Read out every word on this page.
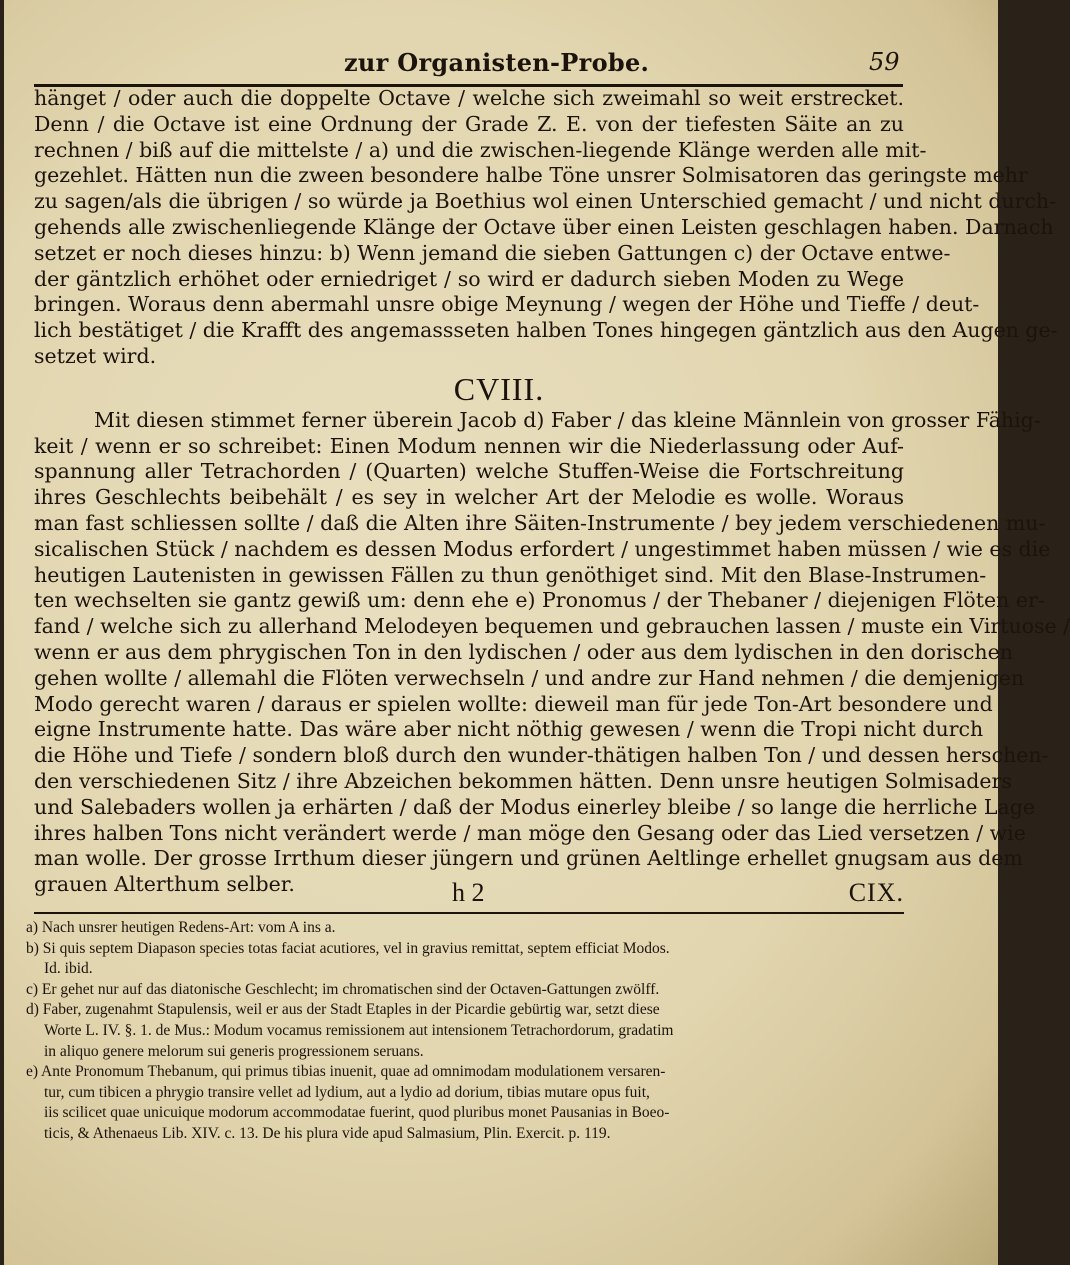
zur Organisten-Probe.	59
hänget / oder auch die doppelte Octave / welche sich zweimahl so weit erstrecket.
Denn / die Octave ist eine Ordnung der Grade Z. E. von der tiefesten Säite an zu
rechnen / biß auf die mittelste / a) und die zwischen-liegende Klänge werden alle mit-
gezehlet. Hätten nun die zween besondere halbe Töne unsrer Solmisatoren das geringste mehr
zu sagen/als die übrigen / so würde ja Boethius wol einen Unterschied gemacht / und nicht durch-
gehends alle zwischenliegende Klänge der Octave über einen Leisten geschlagen haben. Darnach
setzet er noch dieses hinzu: b) Wenn jemand die sieben Gattungen c) der Octave entwe-
der gäntzlich erhöhet oder erniedriget / so wird er dadurch sieben Moden zu Wege
bringen. Woraus denn abermahl unsre obige Meynung / wegen der Höhe und Tieffe / deut-
lich bestätiget / die Krafft des angemassseten halben Tones hingegen gäntzlich aus den Augen ge-
setzet wird.
CVIII.
Mit diesen stimmet ferner überein Jacob d) Faber / das kleine Männlein von grosser Fähig-
keit / wenn er so schreibet: Einen Modum nennen wir die Niederlassung oder Auf-
spannung aller Tetrachorden / (Quarten) welche Stuffen-Weise die Fortschreitung
ihres Geschlechts beibehält / es sey in welcher Art der Melodie es wolle. Woraus
man fast schliessen sollte / daß die Alten ihre Säiten-Instrumente / bey jedem verschiedenen mu-
sicalischen Stück / nachdem es dessen Modus erfordert / ungestimmet haben müssen / wie es die
heutigen Lautenisten in gewissen Fällen zu thun genöthiget sind. Mit den Blase-Instrumen-
ten wechselten sie gantz gewiß um: denn ehe e) Pronomus / der Thebaner / diejenigen Flöten er-
fand / welche sich zu allerhand Melodeyen bequemen und gebrauchen lassen / muste ein Virtuose /
wenn er aus dem phrygischen Ton in den lydischen / oder aus dem lydischen in den dorischen
gehen wollte / allemahl die Flöten verwechseln / und andre zur Hand nehmen / die demjenigen
Modo gerecht waren / daraus er spielen wollte: dieweil man für jede Ton-Art besondere und
eigne Instrumente hatte. Das wäre aber nicht nöthig gewesen / wenn die Tropi nicht durch
die Höhe und Tiefe / sondern bloß durch den wunder-thätigen halben Ton / und dessen herschen-
den verschiedenen Sitz / ihre Abzeichen bekommen hätten. Denn unsre heutigen Solmisaders
und Salebaders wollen ja erhärten / daß der Modus einerley bleibe / so lange die herrliche Lage
ihres halben Tons nicht verändert werde / man möge den Gesang oder das Lied versetzen / wie
man wolle. Der grosse Irrthum dieser jüngern und grünen Aeltlinge erhellet gnugsam aus dem
grauen Alterthum selber.	h 2	CIX.
a) Nach unsrer heutigen Redens-Art: vom A ins a.
b) Si quis septem Diapason species totas faciat acutiores, vel in gravius remittat, septem efficiat Modos.
Id. ibid.
c) Er gehet nur auf das diatonische Geschlecht; im chromatischen sind der Octaven-Gattungen zwölff.
d) Faber, zugenahmt Stapulensis, weil er aus der Stadt Etaples in der Picardie gebürtig war, setzt diese
Worte L. IV. §. 1. de Mus.: Modum vocamus remissionem aut intensionem Tetrachordorum, gradatim
in aliquo genere melorum sui generis progressionem seruans.
e) Ante Pronomum Thebanum, qui primus tibias inuenit, quae ad omnimodam modulationem versaren-
tur, cum tibicen a phrygio transire vellet ad lydium, aut a lydio ad dorium, tibias mutare opus fuit,
iis scilicet quae unicuique modorum accommodatae fuerint, quod pluribus monet Pausanias in Boeo-
ticis, & Athenaeus Lib. XIV. c. 13. De his plura vide apud Salmasium, Plin. Exercit. p. 119.
